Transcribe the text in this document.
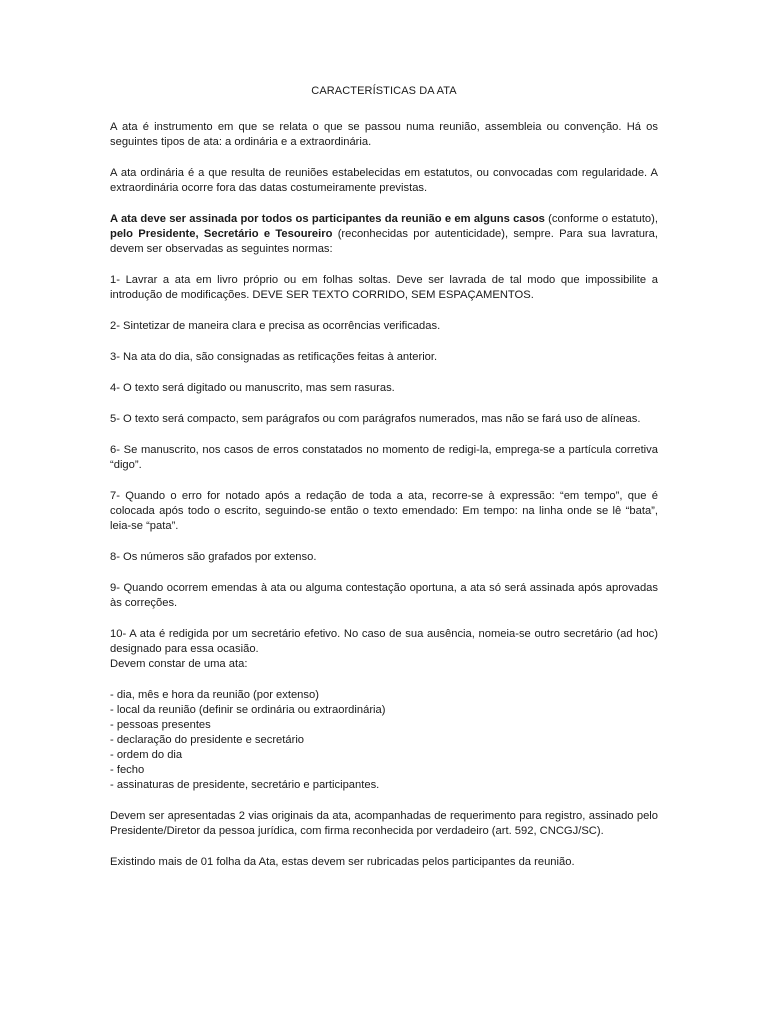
CARACTERÍSTICAS DA ATA

A ata é instrumento em que se relata o que se passou numa reunião, assembleia ou convenção. Há os seguintes tipos de ata: a ordinária e a extraordinária.

A ata ordinária é a que resulta de reuniões estabelecidas em estatutos, ou convocadas com regularidade. A extraordinária ocorre fora das datas costumeiramente previstas.

A ata deve ser assinada por todos os participantes da reunião e em alguns casos (conforme o estatuto), pelo Presidente, Secretário e Tesoureiro (reconhecidas por autenticidade), sempre. Para sua lavratura, devem ser observadas as seguintes normas:

1- Lavrar a ata em livro próprio ou em folhas soltas. Deve ser lavrada de tal modo que impossibilite a introdução de modificações. DEVE SER TEXTO CORRIDO, SEM ESPAÇAMENTOS.

2- Sintetizar de maneira clara e precisa as ocorrências verificadas.

3- Na ata do dia, são consignadas as retificações feitas à anterior.

4- O texto será digitado ou manuscrito, mas sem rasuras.

5- O texto será compacto, sem parágrafos ou com parágrafos numerados, mas não se fará uso de alíneas.

6- Se manuscrito, nos casos de erros constatados no momento de redigi-la, emprega-se a partícula corretiva “digo”.

7- Quando o erro for notado após a redação de toda a ata, recorre-se à expressão: “em tempo”, que é colocada após todo o escrito, seguindo-se então o texto emendado: Em tempo: na linha onde se lê “bata”, leia-se “pata”.

8- Os números são grafados por extenso.

9- Quando ocorrem emendas à ata ou alguma contestação oportuna, a ata só será assinada após aprovadas às correções.

10- A ata é redigida por um secretário efetivo. No caso de sua ausência, nomeia-se outro secretário (ad hoc) designado para essa ocasião.

Devem constar de uma ata:

- dia, mês e hora da reunião (por extenso)
- local da reunião (definir se ordinária ou extraordinária)
- pessoas presentes
- declaração do presidente e secretário
- ordem do dia
- fecho
- assinaturas de presidente, secretário e participantes.

Devem ser apresentadas 2 vias originais da ata, acompanhadas de requerimento para registro, assinado pelo Presidente/Diretor da pessoa jurídica, com firma reconhecida por verdadeiro (art. 592, CNCGJ/SC).

Existindo mais de 01 folha da Ata, estas devem ser rubricadas pelos participantes da reunião.
